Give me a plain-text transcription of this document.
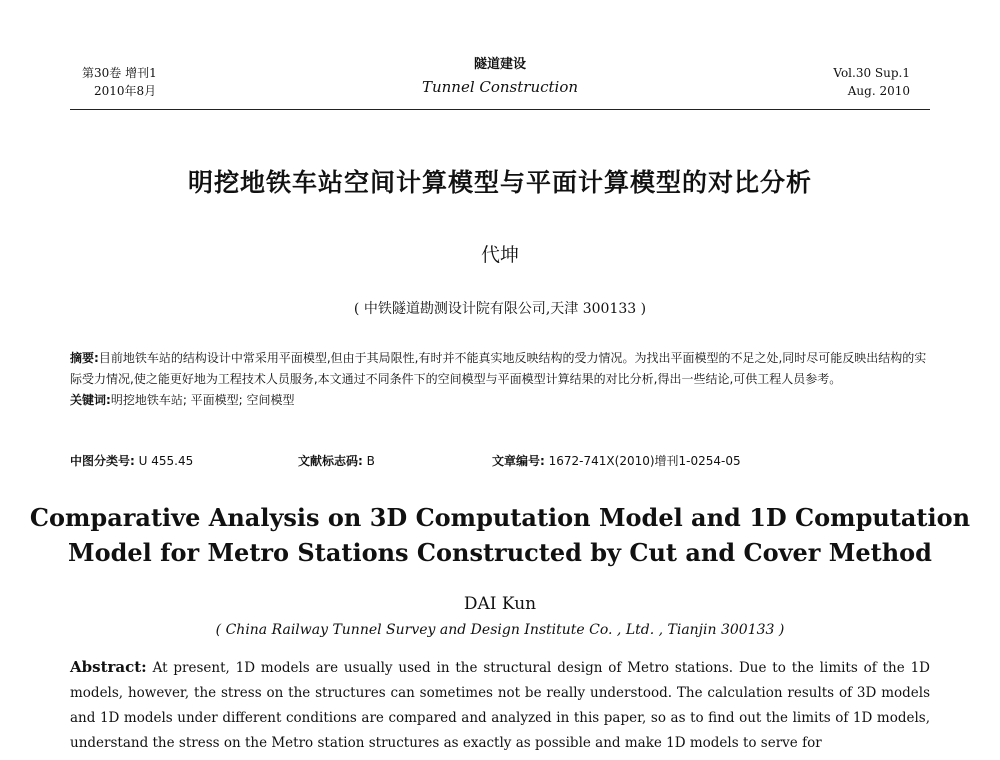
第30卷 增刊1
2010年8月
隧道建设
Tunnel Construction
Vol.30 Sup.1
Aug. 2010
明挖地铁车站空间计算模型与平面计算模型的对比分析
代坤
( 中铁隧道勘测设计院有限公司,天津 300133 )
摘要:目前地铁车站的结构设计中常采用平面模型,但由于其局限性,有时并不能真实地反映结构的受力情况。为找出平面模型的不足之处,同时尽可能反映出结构的实际受力情况,使之能更好地为工程技术人员服务,本文通过不同条件下的空间模型与平面模型计算结果的对比分析,得出一些结论,可供工程人员参考。
关键词:明挖地铁车站; 平面模型; 空间模型
中图分类号: U 455.45	文献标志码: B	文章编号: 1672-741X(2010)增刊1-0254-05
Comparative Analysis on 3D Computation Model and 1D Computation
Model for Metro Stations Constructed by Cut and Cover Method
DAI Kun
( China Railway Tunnel Survey and Design Institute Co. , Ltd. , Tianjin 300133 )
Abstract: At present, 1D models are usually used in the structural design of Metro stations. Due to the limits of the 1D models, however, the stress on the structures can sometimes not be really understood. The calculation results of 3D models and 1D models under different conditions are compared and analyzed in this paper, so as to find out the limits of 1D models, understand the stress on the Metro station structures as exactly as possible and make 1D models to serve for
